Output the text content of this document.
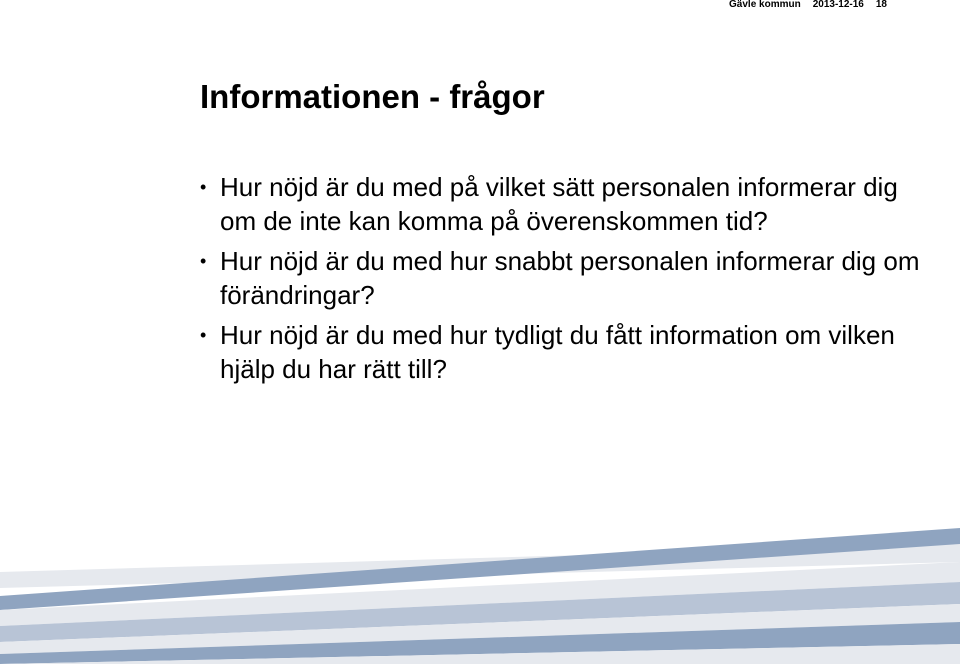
Gävle kommun 2013-12-16 18
Informationen - frågor
• Hur nöjd är du med på vilket sätt personalen informerar dig om de inte kan komma på överenskommen tid?
• Hur nöjd är du med hur snabbt personalen informerar dig om förändringar?
• Hur nöjd är du med hur tydligt du fått information om vilken hjälp du har rätt till?
